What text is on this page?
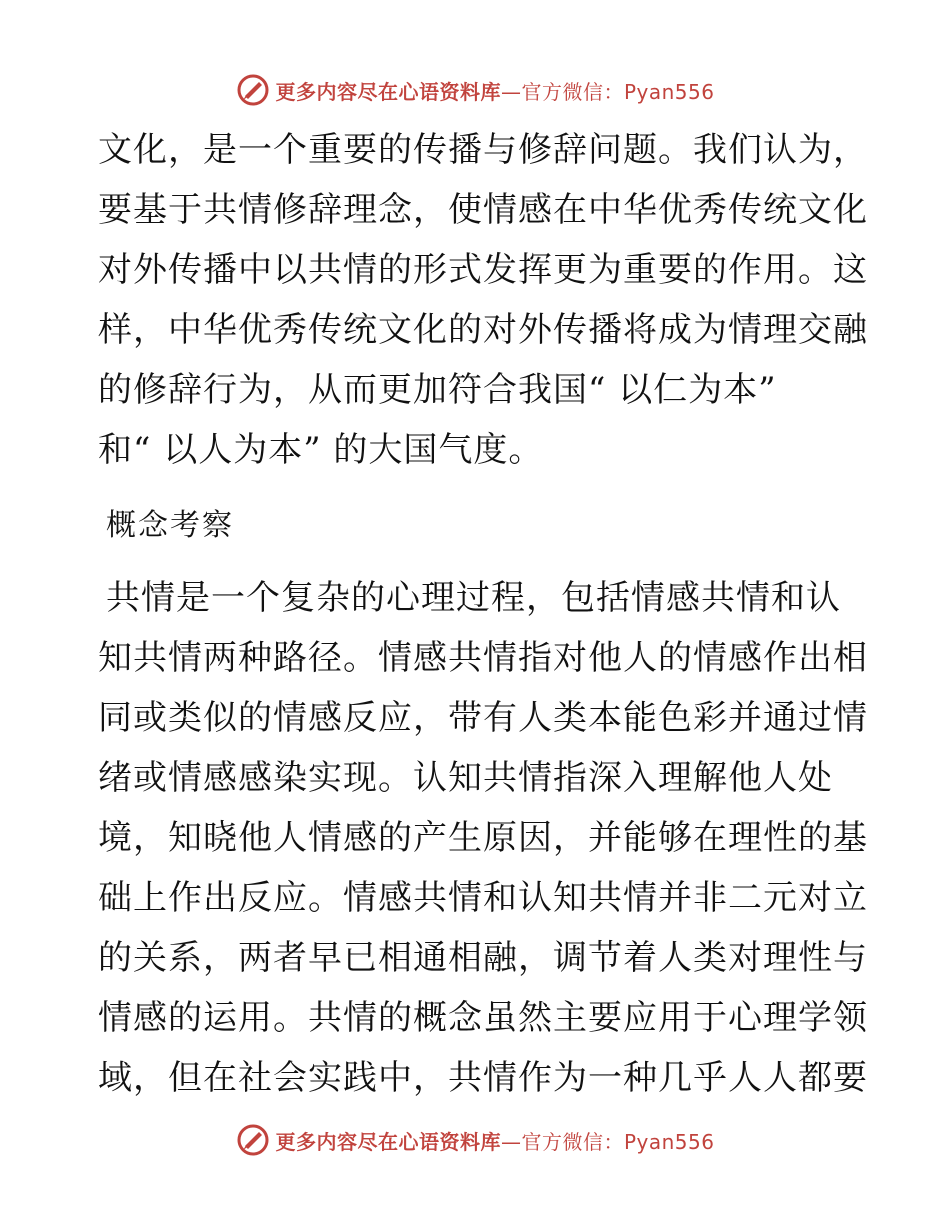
更多内容尽在心语资料库—官方微信：Pyan556
文化，是一个重要的传播与修辞问题。我们认为，
要基于共情修辞理念，使情感在中华优秀传统文化
对外传播中以共情的形式发挥更为重要的作用。这
样，中华优秀传统文化的对外传播将成为情理交融
的修辞行为，从而更加符合我国“ 以仁为本”
和“ 以人为本” 的大国气度。
概念考察
共情是一个复杂的心理过程，包括情感共情和认
知共情两种路径。情感共情指对他人的情感作出相
同或类似的情感反应，带有人类本能色彩并通过情
绪或情感感染实现。认知共情指深入理解他人处
境，知晓他人情感的产生原因，并能够在理性的基
础上作出反应。情感共情和认知共情并非二元对立
的关系，两者早已相通相融，调节着人类对理性与
情感的运用。共情的概念虽然主要应用于心理学领
域，但在社会实践中，共情作为一种几乎人人都要
更多内容尽在心语资料库—官方微信：Pyan556
